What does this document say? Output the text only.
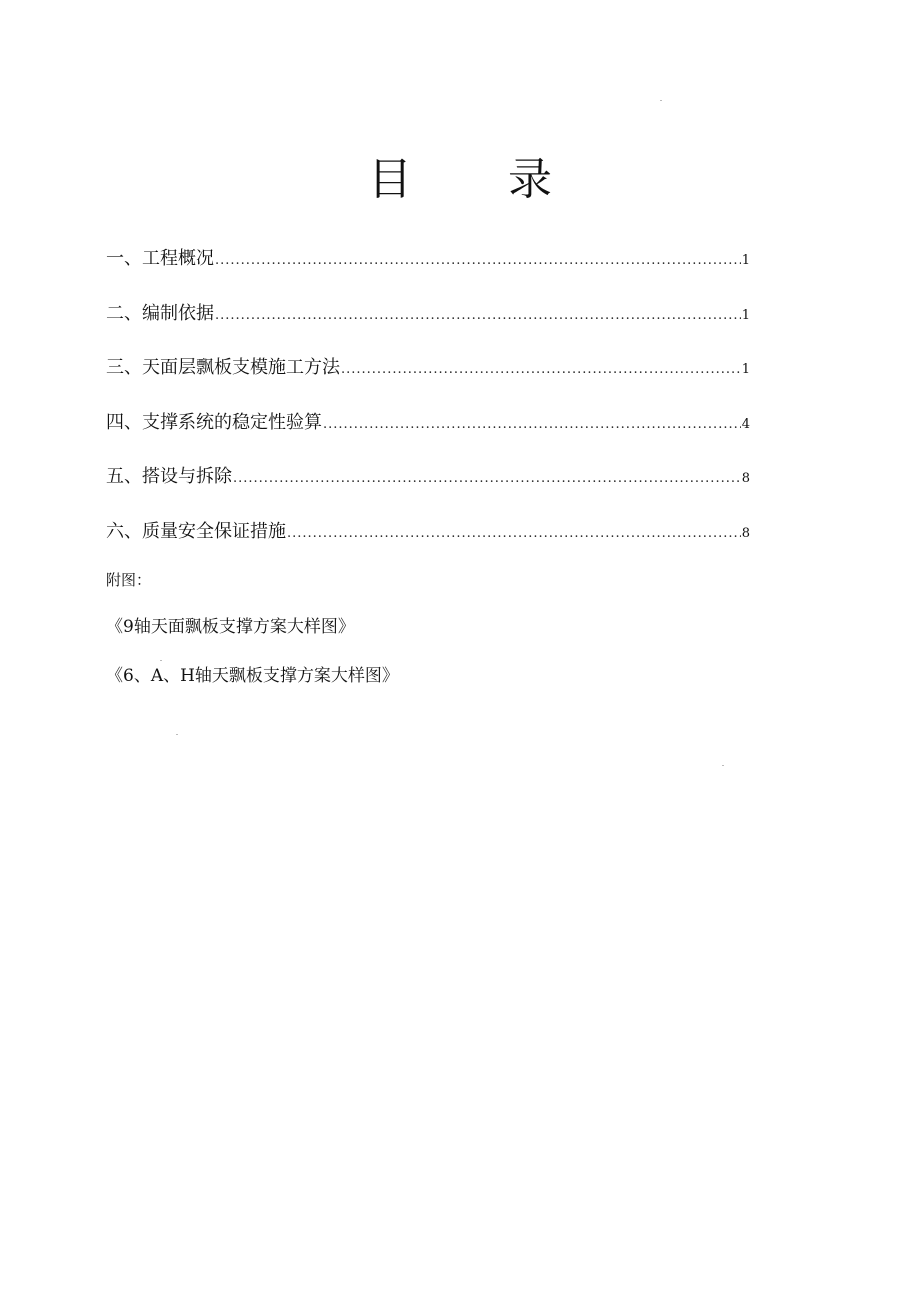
目 录
一、工程概况 .....	1
二、编制依据 .....	1
三、天面层飘板支模施工方法 .....	1
四、支撑系统的稳定性验算 .....	4
五、搭设与拆除 .....	8
六、质量安全保证措施 .....	8
附图：
《9轴天面飘板支撑方案大样图》
《6、A、H轴天飘板支撑方案大样图》
